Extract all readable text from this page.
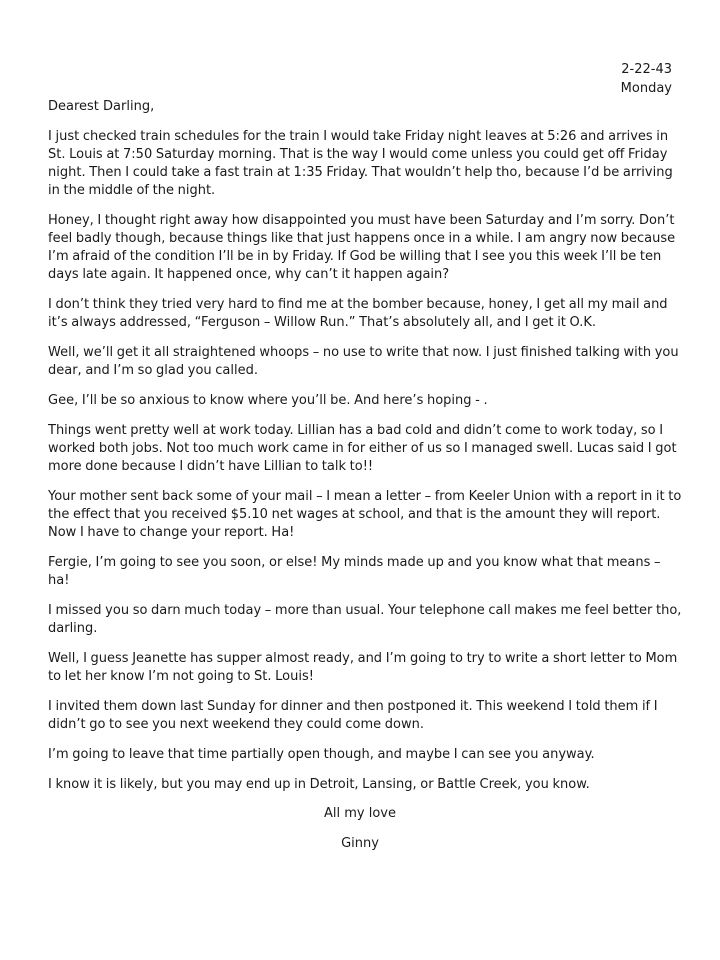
2-22-43
Monday
Dearest Darling,

I just checked train schedules for the train I would take Friday night leaves at 5:26 and arrives in St. Louis at 7:50 Saturday morning. That is the way I would come unless you could get off Friday night. Then I could take a fast train at 1:35 Friday. That wouldn’t help tho, because I’d be arriving in the middle of the night.

Honey, I thought right away how disappointed you must have been Saturday and I’m sorry. Don’t feel badly though, because things like that just happens once in a while. I am angry now because I’m afraid of the condition I’ll be in by Friday. If God be willing that I see you this week I’ll be ten days late again. It happened once, why can’t it happen again?

I don’t think they tried very hard to find me at the bomber because, honey, I get all my mail and it’s always addressed, “Ferguson – Willow Run.” That’s absolutely all, and I get it O.K.

Well, we’ll get it all straightened whoops – no use to write that now. I just finished talking with you dear, and I’m so glad you called.

Gee, I’ll be so anxious to know where you’ll be. And here’s hoping - .

Things went pretty well at work today. Lillian has a bad cold and didn’t come to work today, so I worked both jobs. Not too much work came in for either of us so I managed swell. Lucas said I got more done because I didn’t have Lillian to talk to!!

Your mother sent back some of your mail – I mean a letter – from Keeler Union with a report in it to the effect that you received $5.10 net wages at school, and that is the amount they will report. Now I have to change your report. Ha!

Fergie, I’m going to see you soon, or else! My minds made up and you know what that means – ha!

I missed you so darn much today – more than usual. Your telephone call makes me feel better tho, darling.

Well, I guess Jeanette has supper almost ready, and I’m going to try to write a short letter to Mom to let her know I’m not going to St. Louis!

I invited them down last Sunday for dinner and then postponed it. This weekend I told them if I didn’t go to see you next weekend they could come down.

I’m going to leave that time partially open though, and maybe I can see you anyway.

I know it is likely, but you may end up in Detroit, Lansing, or Battle Creek, you know.

All my love
Ginny
